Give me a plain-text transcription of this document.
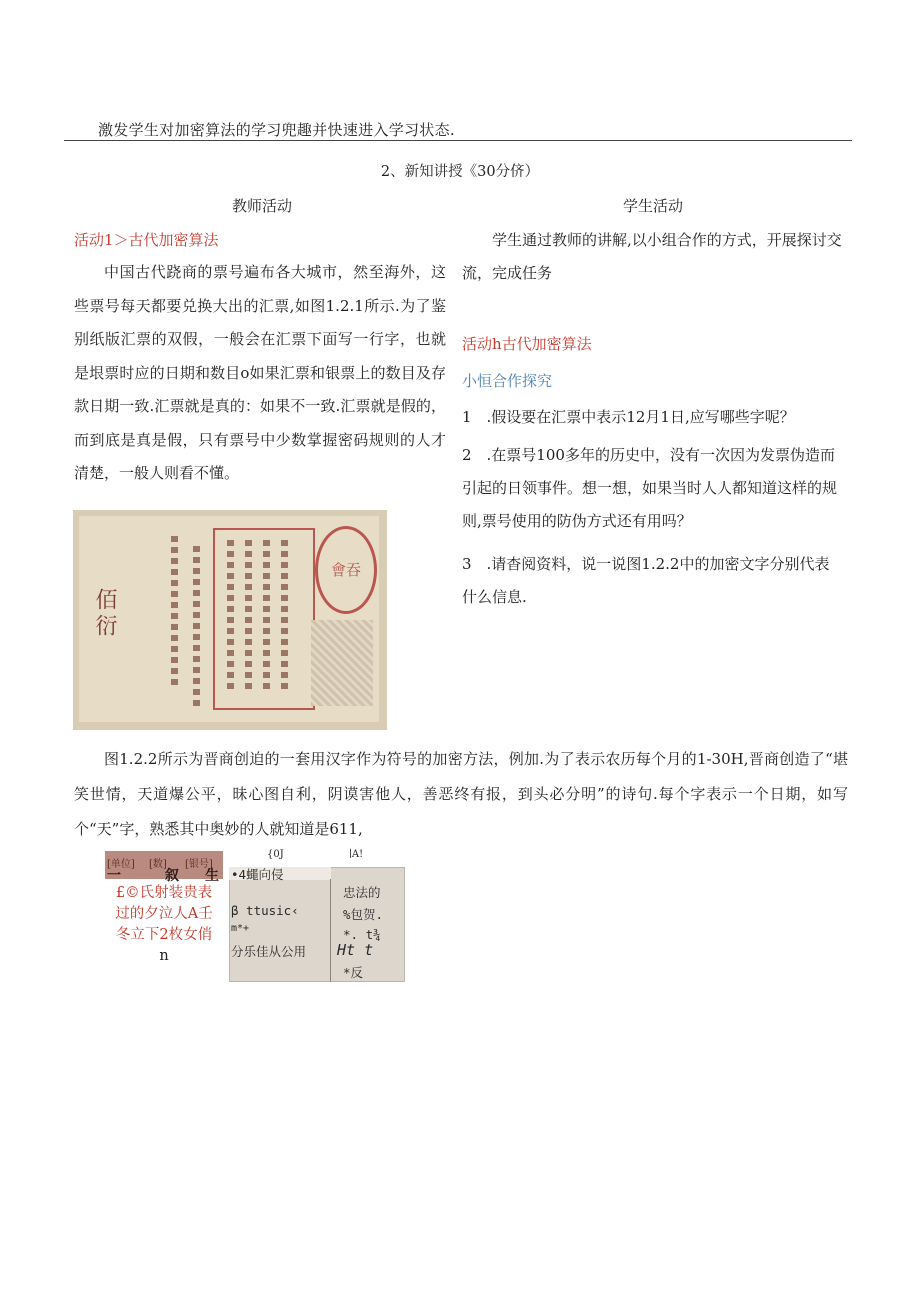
激发学生对加密算法的学习兜趣并快速进入学习状态.
2、新知讲授《30分侪）
教师活动	学生活动
活动1＞古代加密算法
中国古代跷商的票号遍布各大城市，然至海外，这些票号每天都要兑换大出的汇票,如图1.2.1所示.为了鉴别纸版汇票的双假，一般会在汇票下面写一行字，也就是垠票时应的日期和数目o如果汇票和银票上的数目及存款日期一致.汇票就是真的：如果不一致.汇票就是假的，而到底是真是假，只有票号中少数掌握密码规则的人才清楚，一般人则看不懂。
佰衍
會吞
学生通过教师的讲解,以小组合作的方式，开展探讨交流，完成任务
活动h古代加密算法
小恒合作探究
1　.假设要在汇票中表示12月1日,应写哪些字呢？
2　.在票号100多年的历史中，没有一次因为发票伪造而引起的日领事件。想一想，如果当时人人都知道这样的规则,票号使用的防伪方式还有用吗？
3　.请杳阅资料，说一说图1.2.2中的加密文字分别代表什么信息.
图1.2.2所示为晋商创迫的一套用汉字作为符号的加密方法，例加.为了表示农历每个月的1-30H,晋商创造了“堪笑世情，天道爆公平，昧心图自利，阴谟害他人，善恶终有报，到头必分明”的诗句.每个字表示一个日期，如写个“天”字，熟悉其中奥妙的人就知道是611,
[单位] [数] [银号]
一	叙 生
£©氏射装贵表
过的夕泣人A壬
冬立下2枚女俏
n
{0J	∣A!
•4蠅向侵
忠法的
β ttusic‹	%包贺.
m*+	*. t¾
分乐佳从公用 Ht t
*反
